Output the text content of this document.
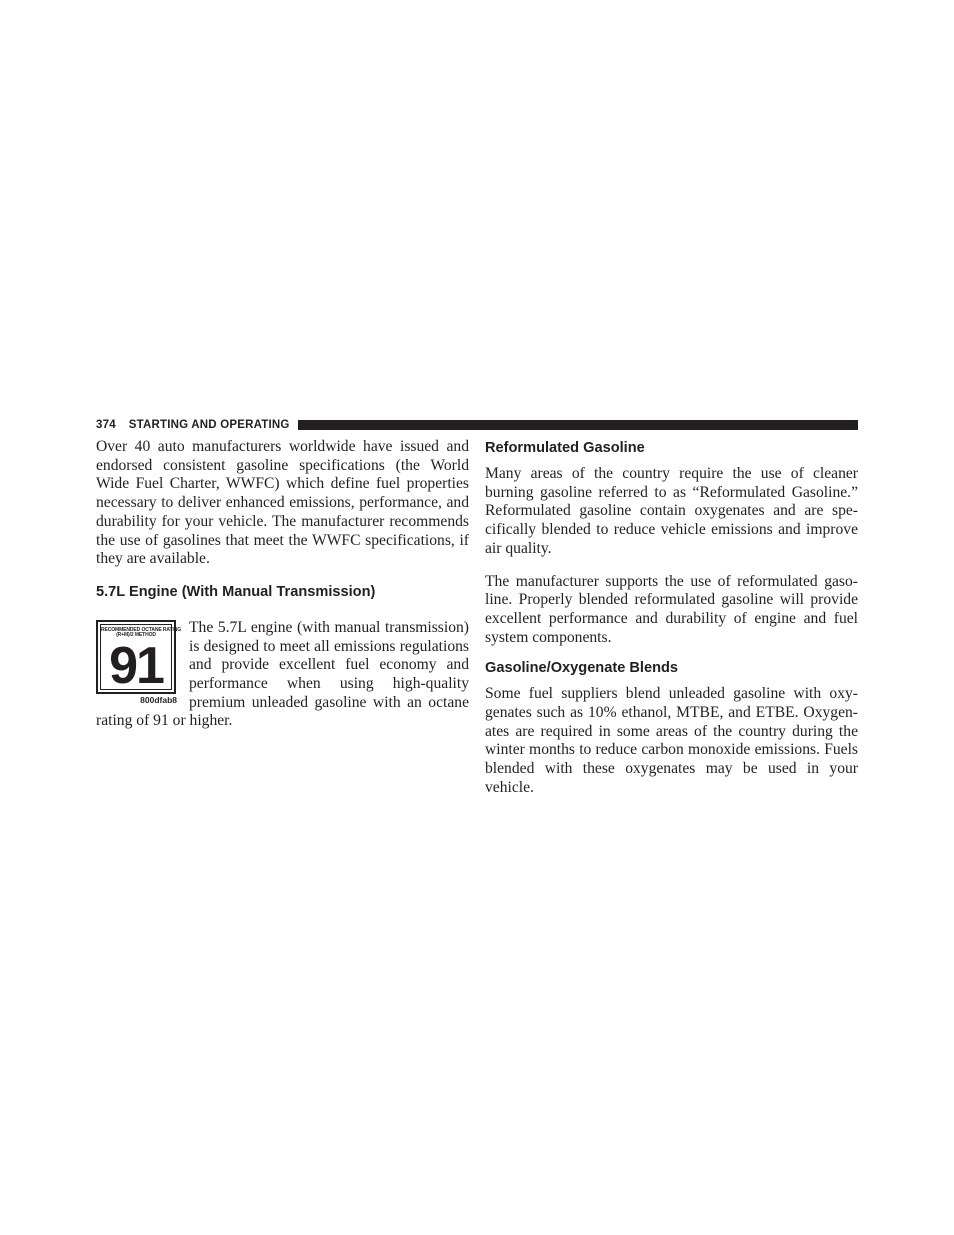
374 STARTING AND OPERATING

Over 40 auto manufacturers worldwide have issued and endorsed consistent gasoline specifications (the World Wide Fuel Charter, WWFC) which define fuel properties necessary to deliver enhanced emissions, performance, and durability for your vehicle. The manufacturer recommends the use of gasolines that meet the WWFC specifications, if they are available.

5.7L Engine (With Manual Transmission)
RECOMMENDED OCTANE RATING
(R+M)/2 METHOD
91
800dfab8

The 5.7L engine (with manual transmission) is designed to meet all emissions regulations and provide excellent fuel economy and performance when using high-quality premium unleaded gasoline with an octane rating of 91 or higher.

Reformulated Gasoline

Many areas of the country require the use of cleaner burning gasoline referred to as “Reformulated Gasoline.” Reformulated gasoline contain oxygenates and are specifically blended to reduce vehicle emissions and improve air quality.

The manufacturer supports the use of reformulated gasoline. Properly blended reformulated gasoline will provide excellent performance and durability of engine and fuel system components.

Gasoline/Oxygenate Blends

Some fuel suppliers blend unleaded gasoline with oxygenates such as 10% ethanol, MTBE, and ETBE. Oxygenates are required in some areas of the country during the winter months to reduce carbon monoxide emissions. Fuels blended with these oxygenates may be used in your vehicle.
